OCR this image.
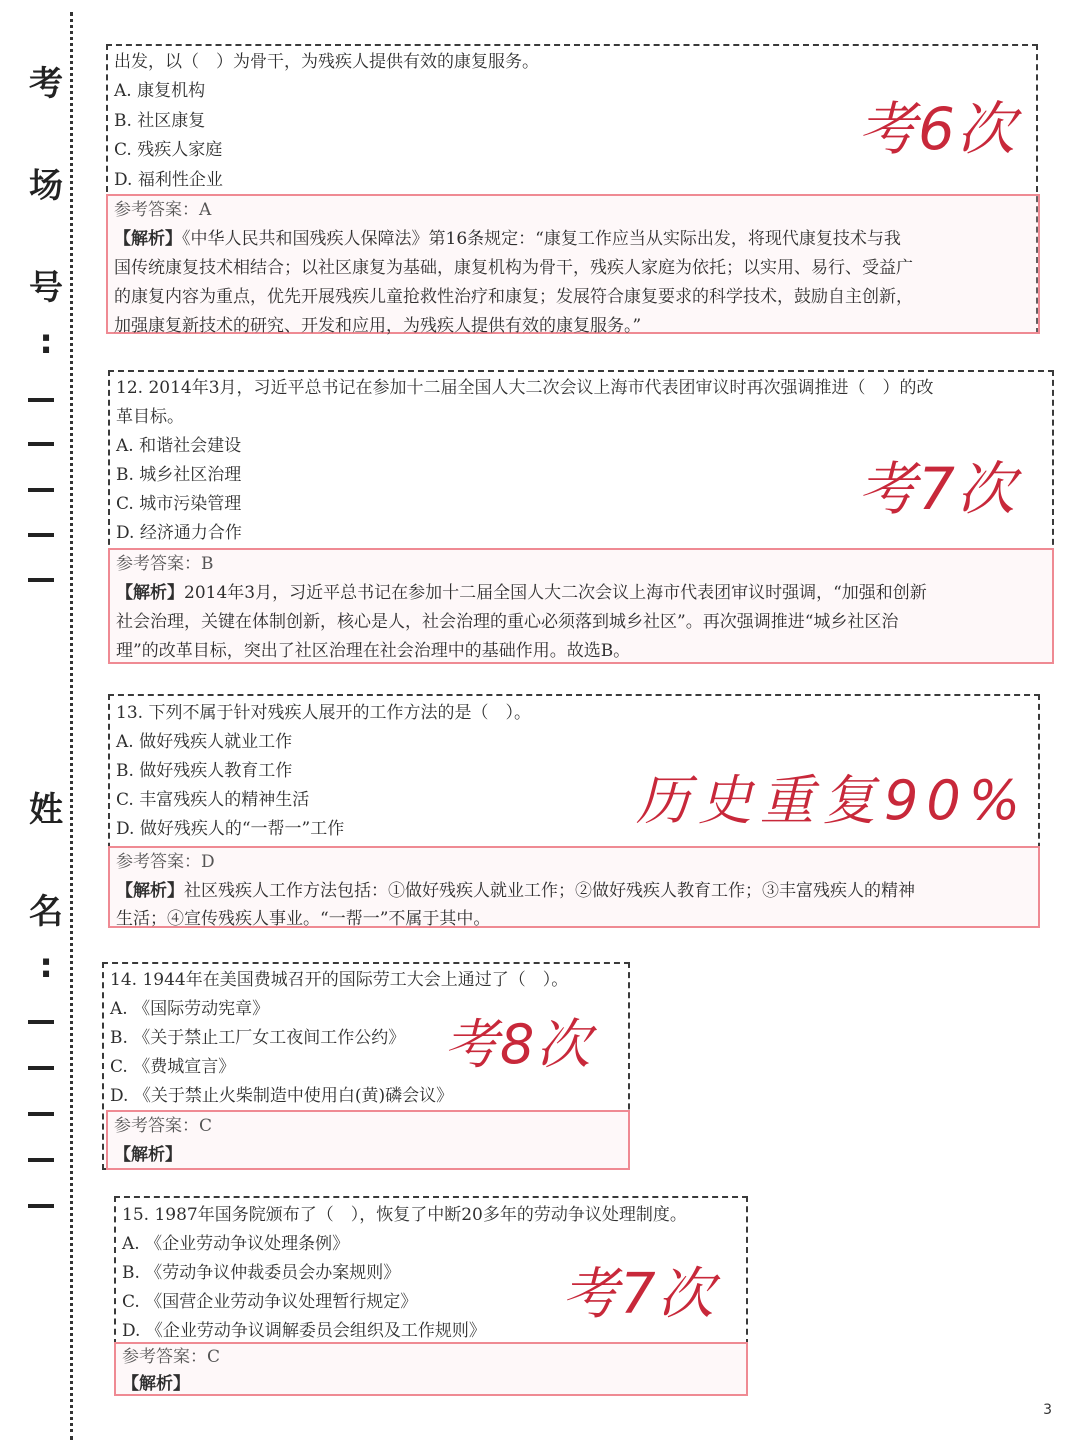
考
场
号
:
姓
名
:
出发，以（　）为骨干，为残疾人提供有效的康复服务。
A. 康复机构
B. 社区康复
C. 残疾人家庭
D. 福利性企业
参考答案：A
【解析】《中华人民共和国残疾人保障法》第16条规定：“康复工作应当从实际出发，将现代康复技术与我
国传统康复技术相结合；以社区康复为基础，康复机构为骨干，残疾人家庭为依托；以实用、易行、受益广
的康复内容为重点，优先开展残疾儿童抢救性治疗和康复；发展符合康复要求的科学技术，鼓励自主创新，
加强康复新技术的研究、开发和应用，为残疾人提供有效的康复服务。”
考6次
12. 2014年3月，习近平总书记在参加十二届全国人大二次会议上海市代表团审议时再次强调推进（　）的改
革目标。
A. 和谐社会建设
B. 城乡社区治理
C. 城市污染管理
D. 经济通力合作
参考答案：B
【解析】2014年3月，习近平总书记在参加十二届全国人大二次会议上海市代表团审议时强调，“加强和创新
社会治理，关键在体制创新，核心是人，社会治理的重心必须落到城乡社区”。再次强调推进“城乡社区治
理”的改革目标，突出了社区治理在社会治理中的基础作用。故选B。
考7次
13. 下列不属于针对残疾人展开的工作方法的是（　）。
A. 做好残疾人就业工作
B. 做好残疾人教育工作
C. 丰富残疾人的精神生活
D. 做好残疾人的“一帮一”工作
参考答案：D
【解析】社区残疾人工作方法包括：①做好残疾人就业工作；②做好残疾人教育工作；③丰富残疾人的精神
生活；④宣传残疾人事业。“一帮一”不属于其中。
历史重复90%
14. 1944年在美国费城召开的国际劳工大会上通过了（　）。
A. 《国际劳动宪章》
B. 《关于禁止工厂女工夜间工作公约》
C. 《费城宣言》
D. 《关于禁止火柴制造中使用白(黄)磷会议》
参考答案：C
【解析】
考8次
15. 1987年国务院颁布了（　），恢复了中断20多年的劳动争议处理制度。
A. 《企业劳动争议处理条例》
B. 《劳动争议仲裁委员会办案规则》
C. 《国营企业劳动争议处理暂行规定》
D. 《企业劳动争议调解委员会组织及工作规则》
参考答案：C
【解析】
考7次
3
